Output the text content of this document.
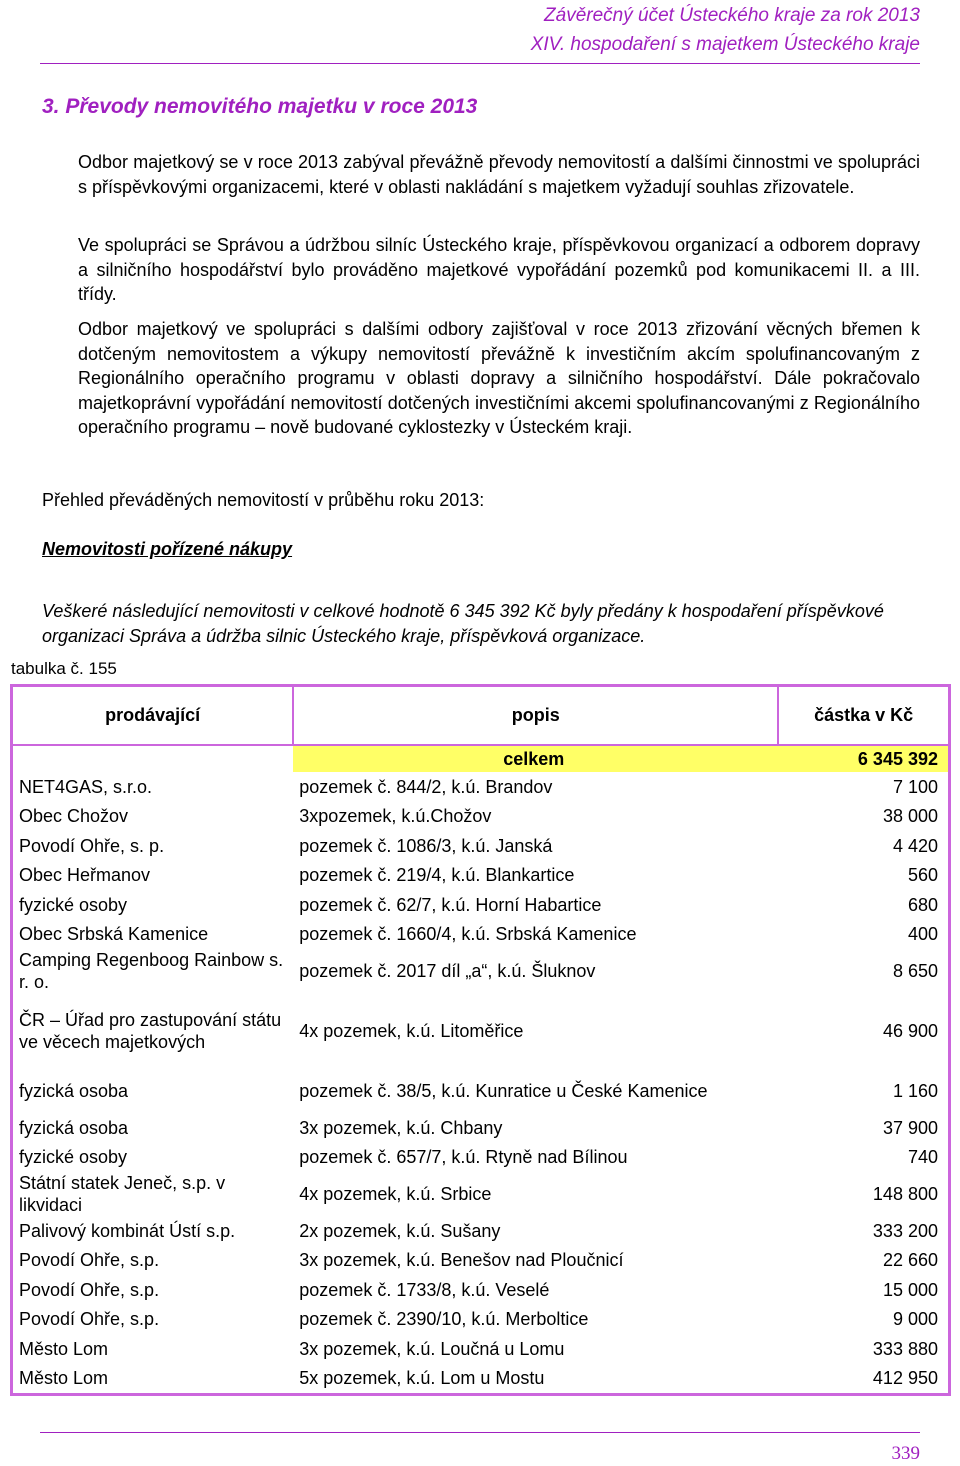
Závěrečný účet Ústeckého kraje za rok 2013
XIV. hospodaření s majetkem Ústeckého kraje
3. Převody nemovitého majetku v roce 2013

Odbor majetkový se v roce 2013 zabýval převážně převody nemovitostí a dalšími činnostmi ve spolupráci s příspěvkovými organizacemi, které v oblasti nakládání s majetkem vyžadují souhlas zřizovatele.

Ve spolupráci se Správou a údržbou silníc Ústeckého kraje, příspěvkovou organizací a odborem dopravy a silničního hospodářství bylo prováděno majetkové vypořádání pozemků pod komunikacemi II. a III. třídy.

Odbor majetkový ve spolupráci s dalšími odbory zajišťoval v roce 2013 zřizování věcných břemen k dotčeným nemovitostem a výkupy nemovitostí převážně k investičním akcím spolufinancovaným z Regionálního operačního programu v oblasti dopravy a silničního hospodářství. Dále pokračovalo majetkoprávní vypořádání nemovitostí dotčených investičními akcemi spolufinancovanými z Regionálního operačního programu – nově budované cyklostezky v Ústeckém kraji.

Přehled převáděných nemovitostí v průběhu roku 2013:

Nemovitosti pořízené nákupy

Veškeré následující nemovitosti v celkové hodnotě 6 345 392 Kč byly předány k hospodaření příspěvkové organizaci Správa a údržba silnic Ústeckého kraje, příspěvková organizace.

tabulka č. 155

prodávající	popis	částka v Kč

	celkem	6 345 392
NET4GAS, s.r.o.	pozemek č. 844/2, k.ú. Brandov	7 100
Obec Chožov	3xpozemek, k.ú.Chožov	38 000
Povodí Ohře, s. p.	pozemek č. 1086/3, k.ú. Janská	4 420
Obec Heřmanov	pozemek č. 219/4, k.ú. Blankartice	560
fyzické osoby	pozemek č. 62/7, k.ú. Horní Habartice	680
Obec Srbská Kamenice	pozemek č. 1660/4, k.ú. Srbská Kamenice	400
Camping Regenboog Rainbow s. r. o.	pozemek č. 2017 díl „a“, k.ú. Šluknov	8 650
ČR – Úřad pro zastupování státu ve věcech majetkových	4x pozemek, k.ú. Litoměřice	46 900
fyzická osoba	pozemek č. 38/5, k.ú. Kunratice u České Kamenice	1 160
fyzická osoba	3x pozemek, k.ú. Chbany	37 900
fyzické osoby	pozemek č. 657/7, k.ú. Rtyně nad Bílinou	740
Státní statek Jeneč, s.p. v likvidaci	4x pozemek, k.ú. Srbice	148 800
Palivový kombinát Ústí s.p.	2x pozemek, k.ú. Sušany	333 200
Povodí Ohře, s.p.	3x pozemek, k.ú. Benešov nad Ploučnicí	22 660
Povodí Ohře, s.p.	pozemek č. 1733/8, k.ú. Veselé	15 000
Povodí Ohře, s.p.	pozemek č. 2390/10, k.ú. Merboltice	9 000
Město Lom	3x pozemek, k.ú. Loučná u Lomu	333 880
Město Lom	5x pozemek, k.ú. Lom u Mostu	412 950

339
